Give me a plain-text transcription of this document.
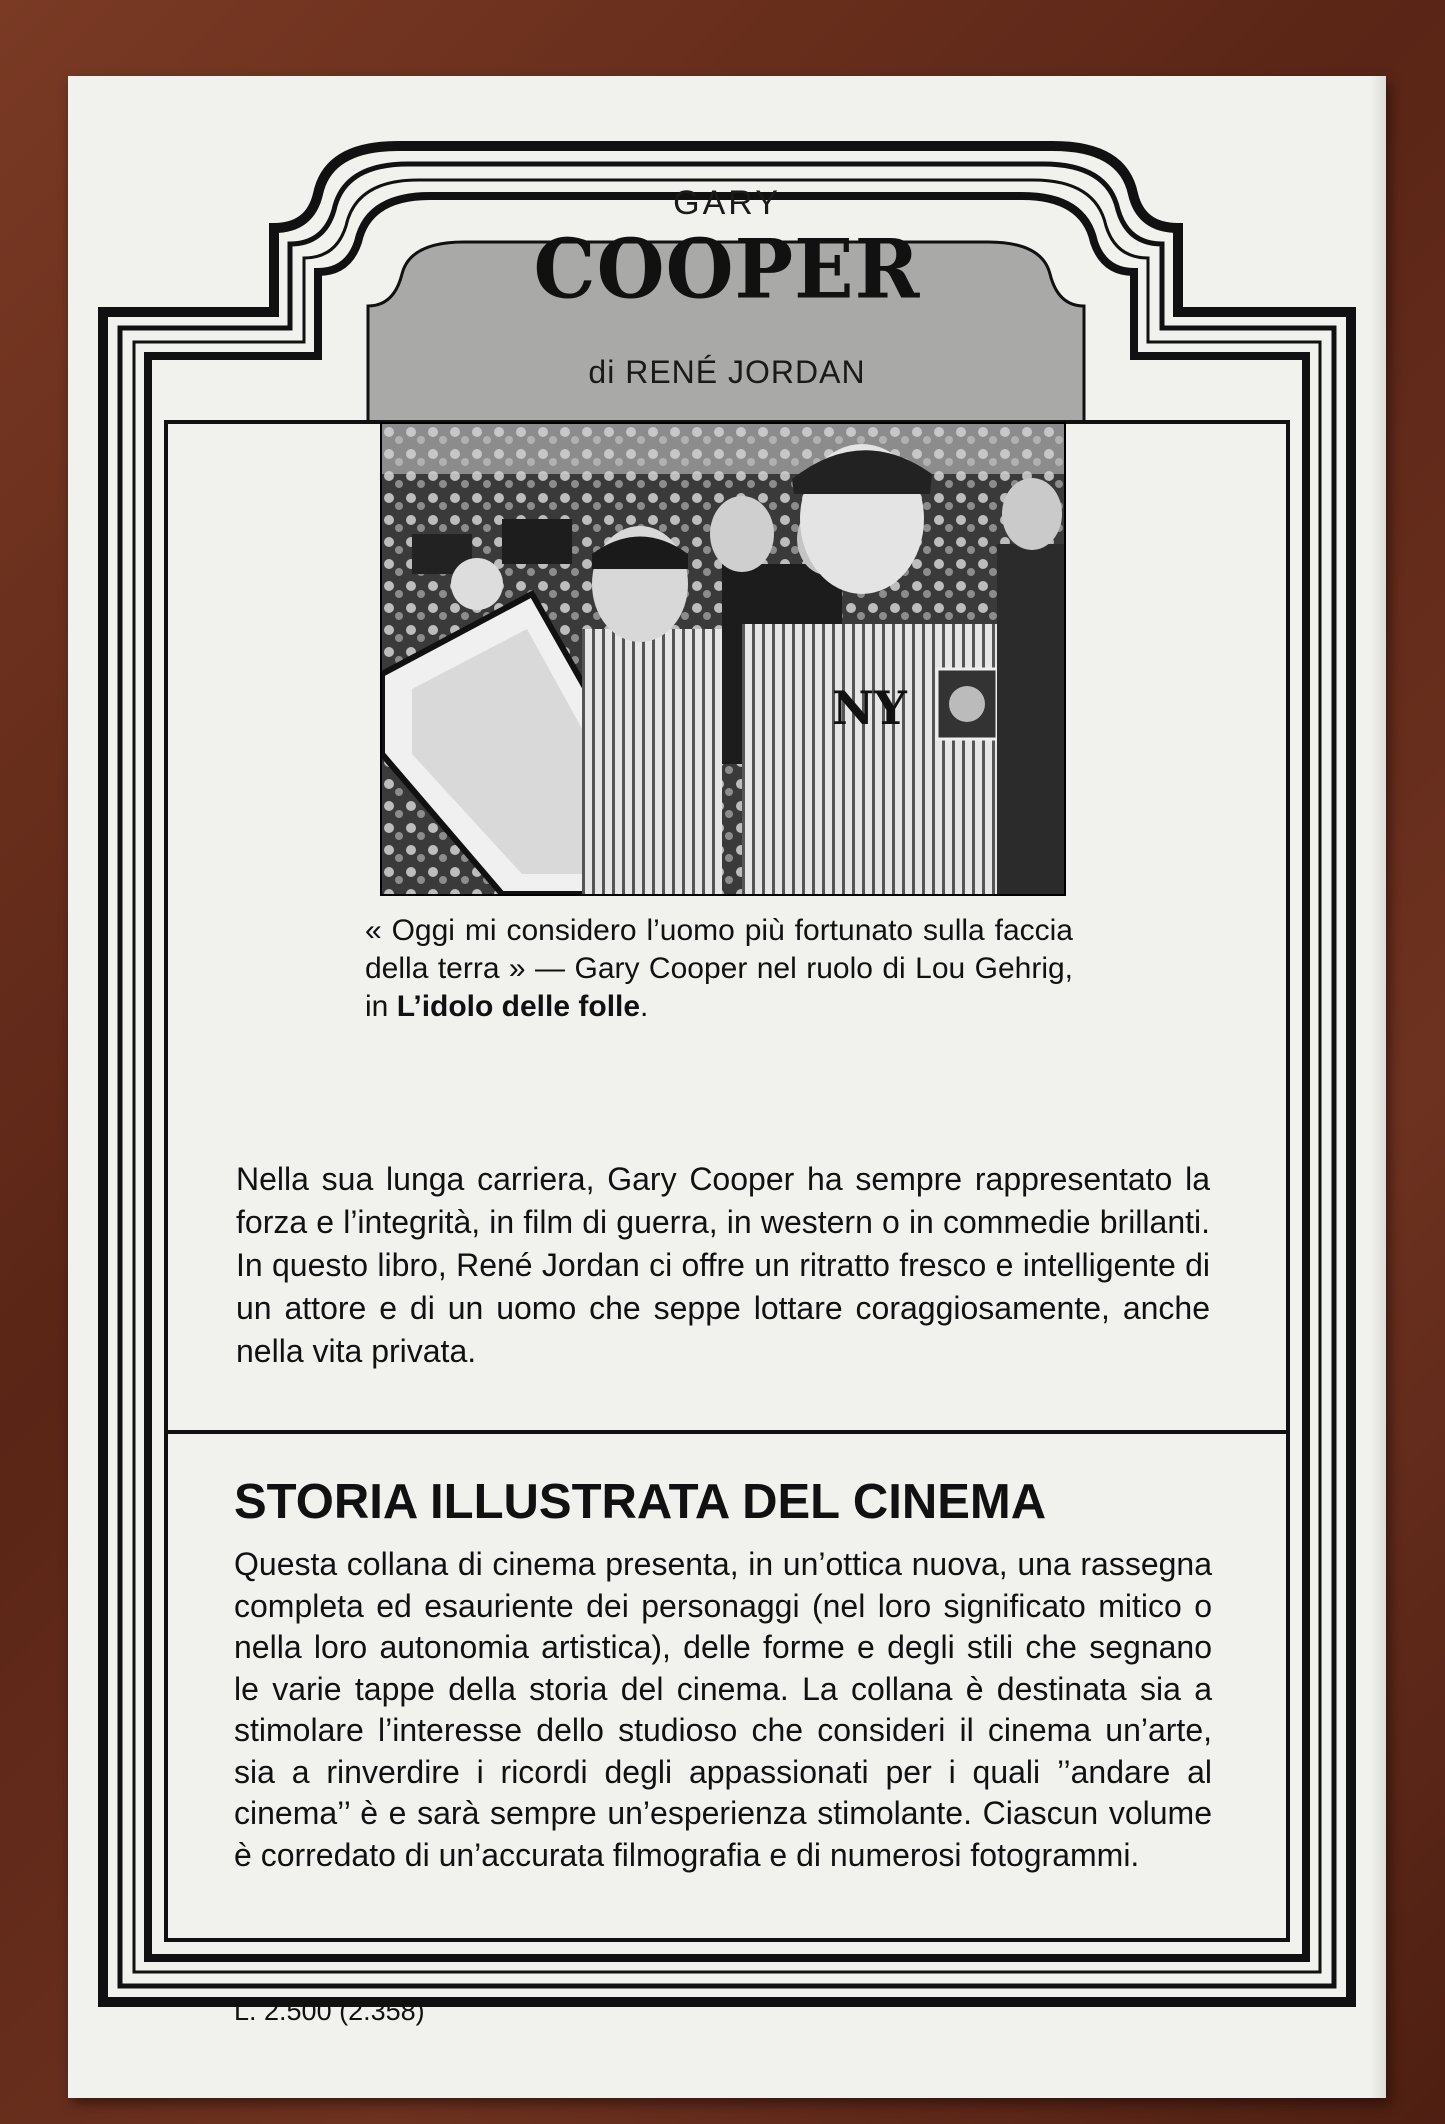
GARY
COOPER
di RENÉ JORDAN
NY
« Oggi mi considero l’uomo più fortunato sulla faccia della terra » — Gary Cooper nel ruolo di Lou Gehrig, in L’idolo delle folle.
Nella sua lunga carriera, Gary Cooper ha sempre rappresentato la forza e l’integrità, in film di guerra, in western o in commedie brillanti. In questo libro, René Jordan ci offre un ritratto fresco e intelligente di un attore e di un uomo che seppe lottare coraggiosamente, anche nella vita privata.
STORIA ILLUSTRATA DEL CINEMA
Questa collana di cinema presenta, in un’ottica nuova, una rassegna completa ed esauriente dei personaggi (nel loro significato mitico o nella loro autonomia artistica), delle forme e degli stili che segnano le varie tappe della storia del cinema. La collana è destinata sia a stimolare l’interesse dello studioso che consideri il cinema un’arte, sia a rinverdire i ricordi degli appassionati per i quali ’’andare al cinema’’ è e sarà sempre un’esperienza stimolante. Ciascun volume è corredato di un’accurata filmografia e di numerosi fotogrammi.
L. 2.500 (2.358)
